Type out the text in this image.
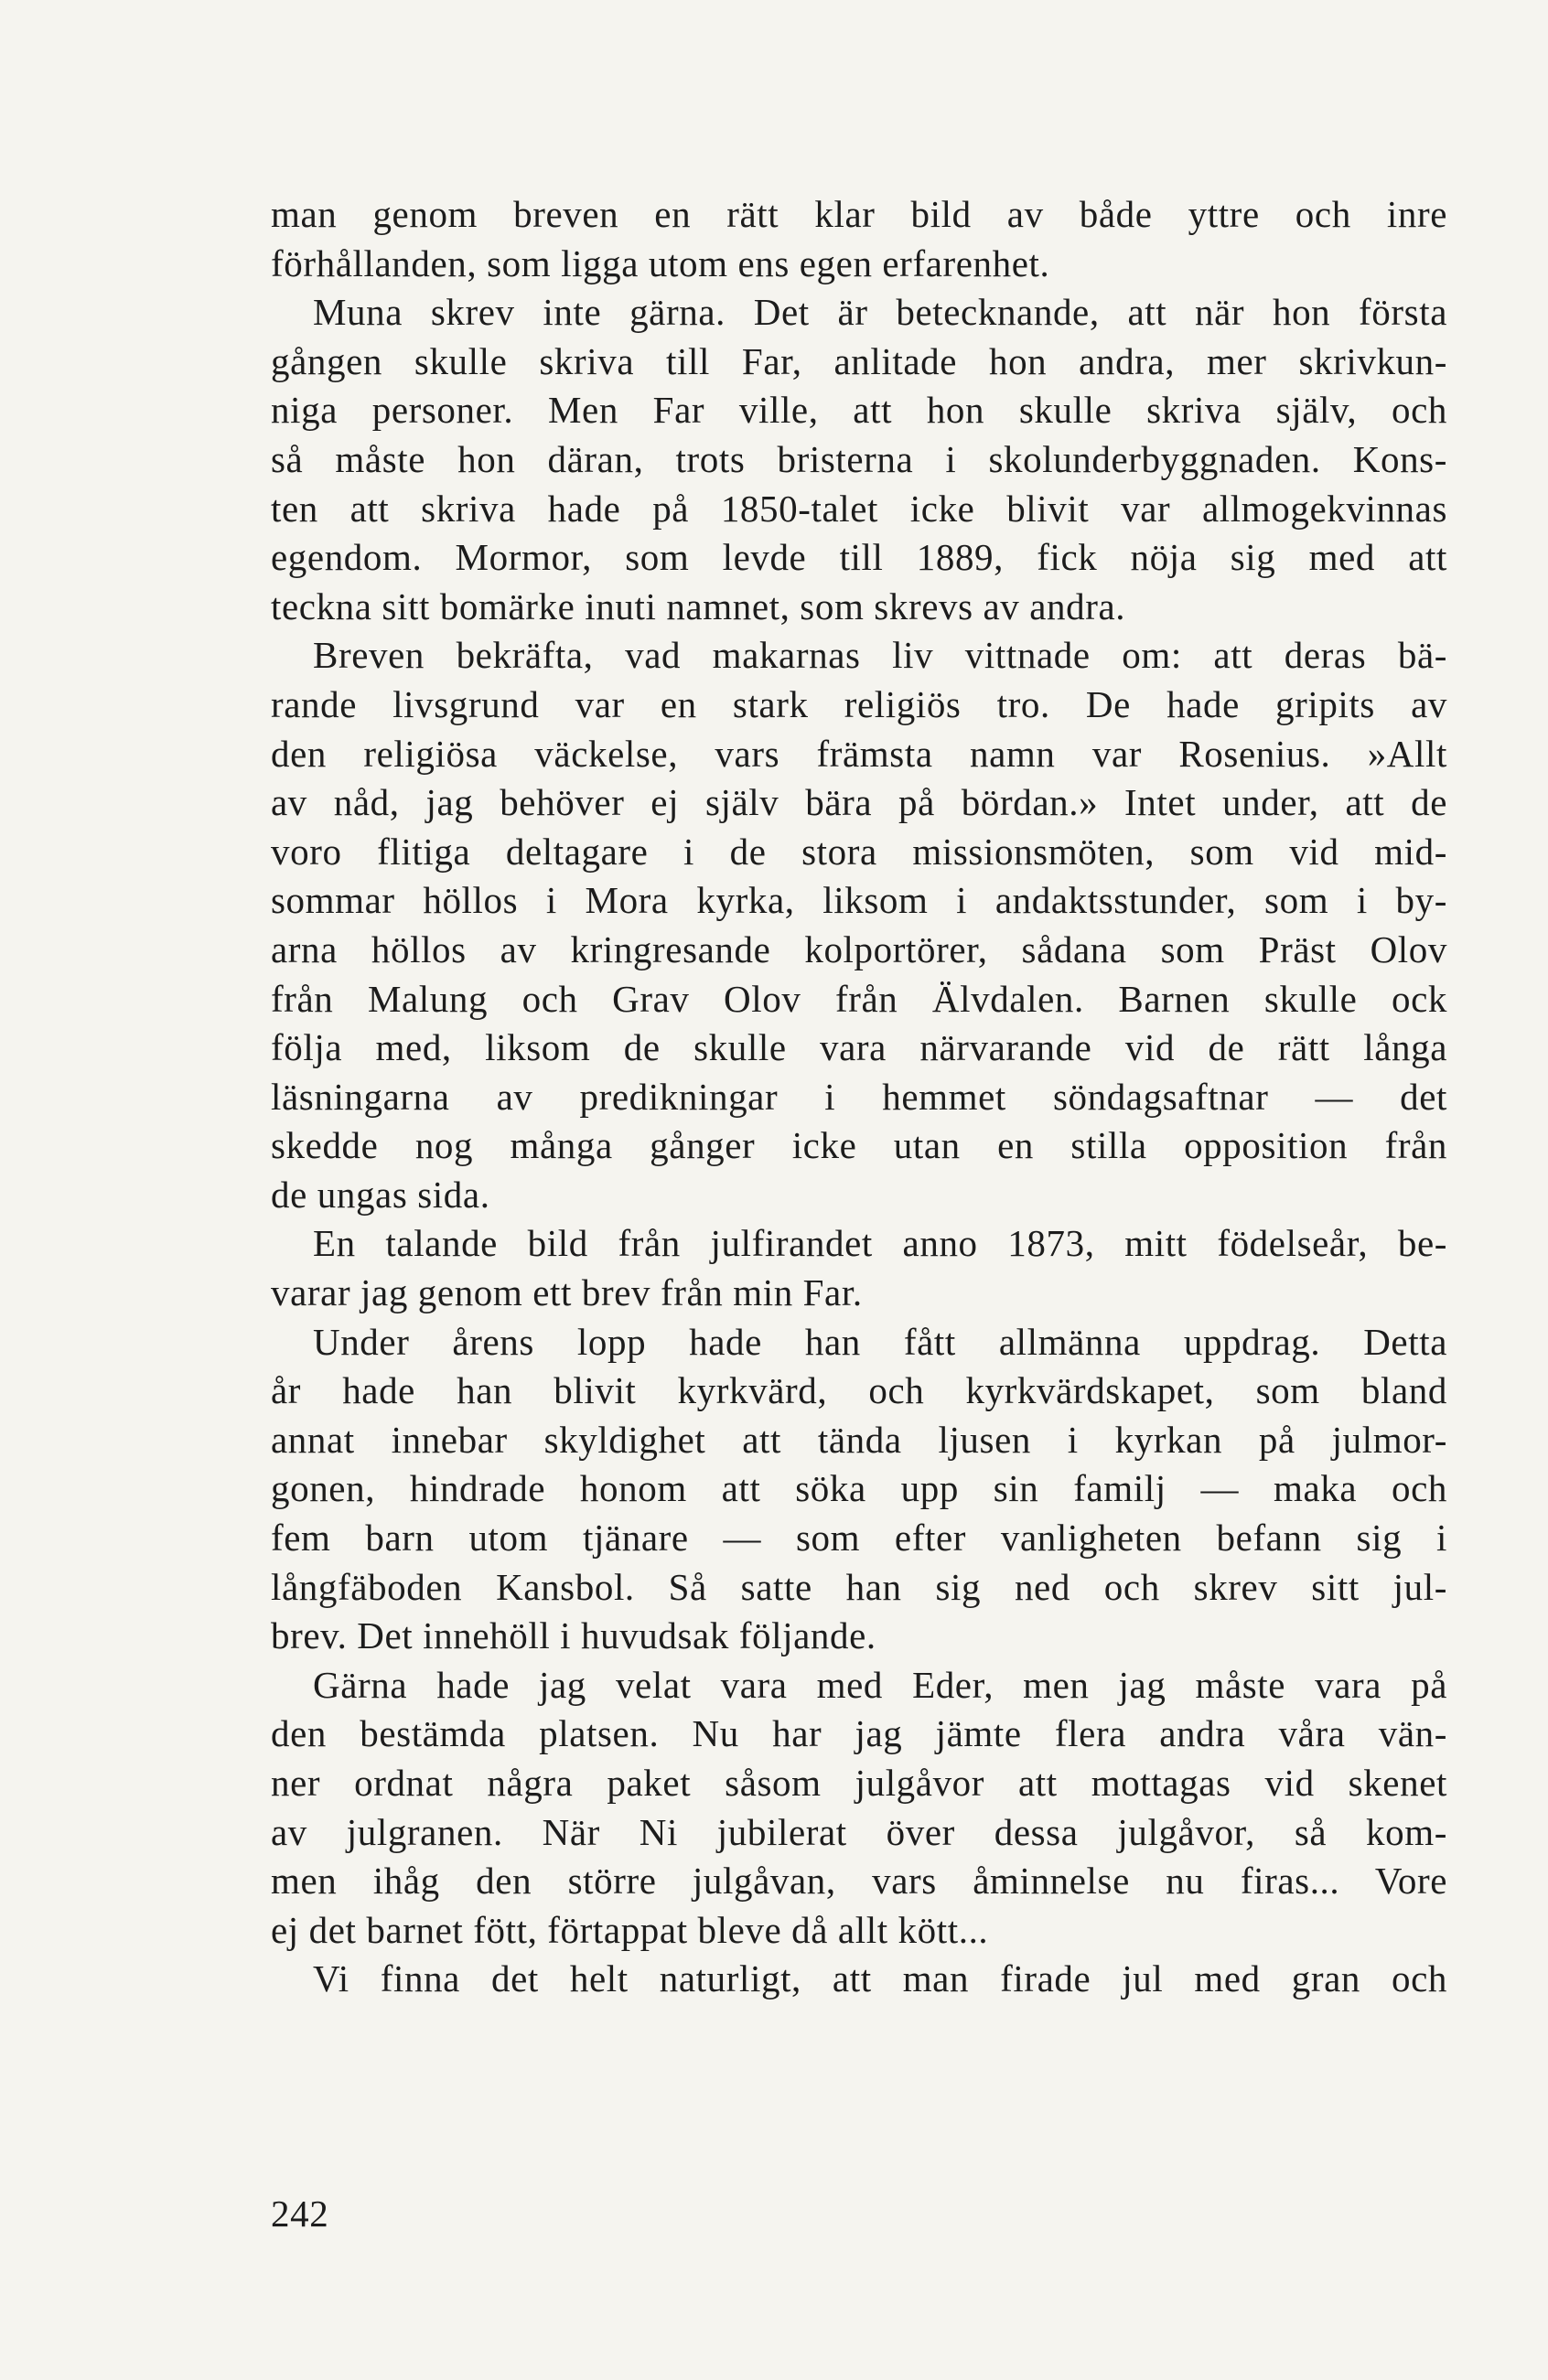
man genom breven en rätt klar bild av både yttre och inre
förhållanden, som ligga utom ens egen erfarenhet.
Muna skrev inte gärna. Det är betecknande, att när hon första
gången skulle skriva till Far, anlitade hon andra, mer skrivkun-
niga personer. Men Far ville, att hon skulle skriva själv, och
så måste hon däran, trots bristerna i skolunderbyggnaden. Kons-
ten att skriva hade på 1850-talet icke blivit var allmogekvinnas
egendom. Mormor, som levde till 1889, fick nöja sig med att
teckna sitt bomärke inuti namnet, som skrevs av andra.
Breven bekräfta, vad makarnas liv vittnade om: att deras bä-
rande livsgrund var en stark religiös tro. De hade gripits av
den religiösa väckelse, vars främsta namn var Rosenius. »Allt
av nåd, jag behöver ej själv bära på bördan.» Intet under, att de
voro flitiga deltagare i de stora missionsmöten, som vid mid-
sommar höllos i Mora kyrka, liksom i andaktsstunder, som i by-
arna höllos av kringresande kolportörer, sådana som Präst Olov
från Malung och Grav Olov från Älvdalen. Barnen skulle ock
följa med, liksom de skulle vara närvarande vid de rätt långa
läsningarna av predikningar i hemmet söndagsaftnar — det
skedde nog många gånger icke utan en stilla opposition från
de ungas sida.
En talande bild från julfirandet anno 1873, mitt födelseår, be-
varar jag genom ett brev från min Far.
Under årens lopp hade han fått allmänna uppdrag. Detta
år hade han blivit kyrkvärd, och kyrkvärdskapet, som bland
annat innebar skyldighet att tända ljusen i kyrkan på julmor-
gonen, hindrade honom att söka upp sin familj — maka och
fem barn utom tjänare — som efter vanligheten befann sig i
långfäboden Kansbol. Så satte han sig ned och skrev sitt jul-
brev. Det innehöll i huvudsak följande.
Gärna hade jag velat vara med Eder, men jag måste vara på
den bestämda platsen. Nu har jag jämte flera andra våra vän-
ner ordnat några paket såsom julgåvor att mottagas vid skenet
av julgranen. När Ni jubilerat över dessa julgåvor, så kom-
men ihåg den större julgåvan, vars åminnelse nu firas... Vore
ej det barnet fött, förtappat bleve då allt kött...
Vi finna det helt naturligt, att man firade jul med gran och
242
